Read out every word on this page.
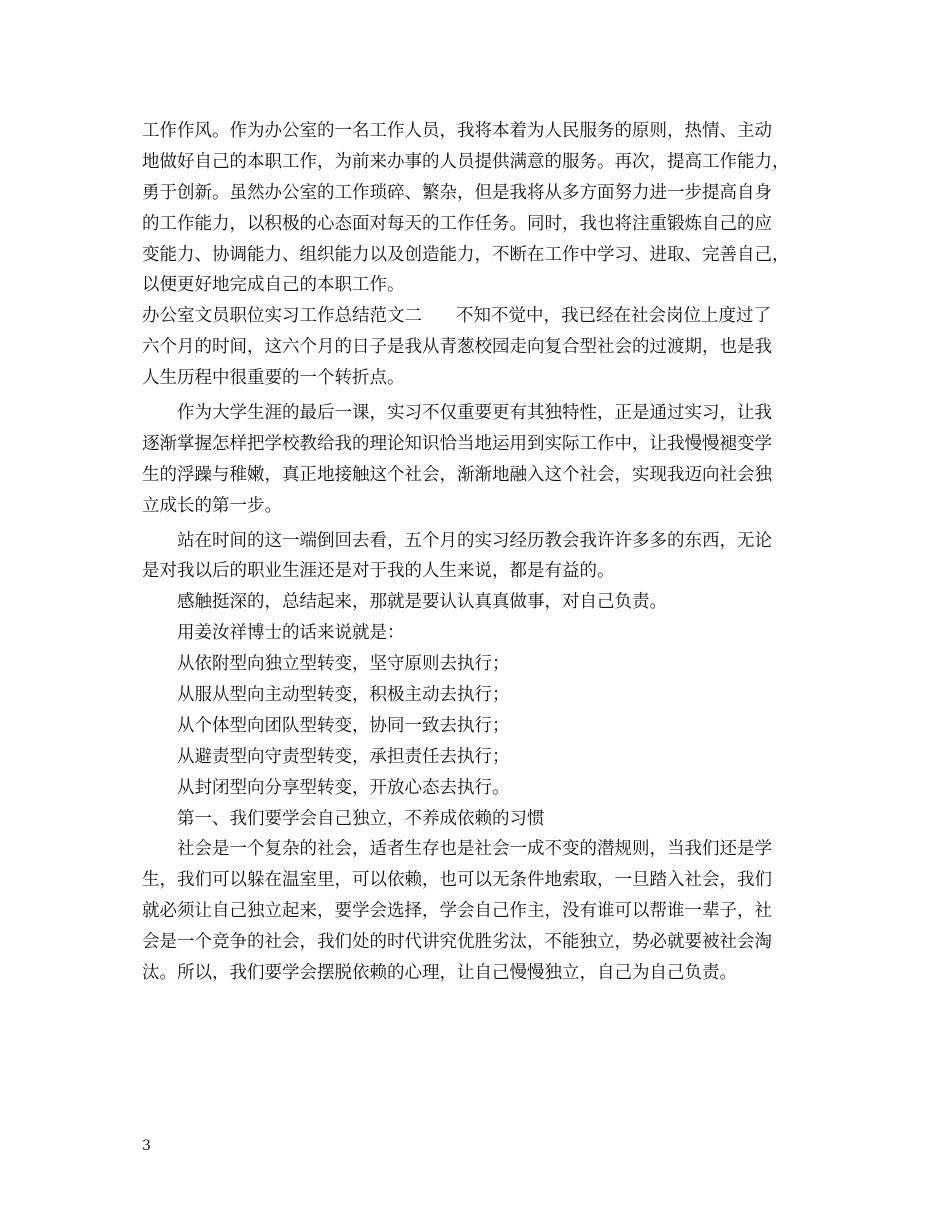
工作作风。作为办公室的一名工作人员，我将本着为人民服务的原则，热情、主动
地做好自己的本职工作，为前来办事的人员提供满意的服务。再次，提高工作能力，
勇于创新。虽然办公室的工作琐碎、繁杂，但是我将从多方面努力进一步提高自身
的工作能力，以积极的心态面对每天的工作任务。同时，我也将注重锻炼自己的应
变能力、协调能力、组织能力以及创造能力，不断在工作中学习、进取、完善自己，
以便更好地完成自己的本职工作。
办公室文员职位实习工作总结范文二 不知不觉中，我已经在社会岗位上度过了
六个月的时间，这六个月的日子是我从青葱校园走向复合型社会的过渡期，也是我
人生历程中很重要的一个转折点。
作为大学生涯的最后一课，实习不仅重要更有其独特性，正是通过实习，让我
逐渐掌握怎样把学校教给我的理论知识恰当地运用到实际工作中，让我慢慢褪变学
生的浮躁与稚嫩，真正地接触这个社会，渐渐地融入这个社会，实现我迈向社会独
立成长的第一步。
站在时间的这一端倒回去看，五个月的实习经历教会我许许多多的东西，无论
是对我以后的职业生涯还是对于我的人生来说，都是有益的。
感触挺深的，总结起来，那就是要认认真真做事，对自己负责。
用姜汝祥博士的话来说就是：
从依附型向独立型转变，坚守原则去执行；
从服从型向主动型转变，积极主动去执行；
从个体型向团队型转变，协同一致去执行；
从避责型向守责型转变，承担责任去执行；
从封闭型向分享型转变，开放心态去执行。
第一、我们要学会自己独立，不养成依赖的习惯
社会是一个复杂的社会，适者生存也是社会一成不变的潜规则，当我们还是学
生，我们可以躲在温室里，可以依赖，也可以无条件地索取，一旦踏入社会，我们
就必须让自己独立起来，要学会选择，学会自己作主，没有谁可以帮谁一辈子，社
会是一个竞争的社会，我们处的时代讲究优胜劣汰，不能独立，势必就要被社会淘
汰。所以，我们要学会摆脱依赖的心理，让自己慢慢独立，自己为自己负责。
3
